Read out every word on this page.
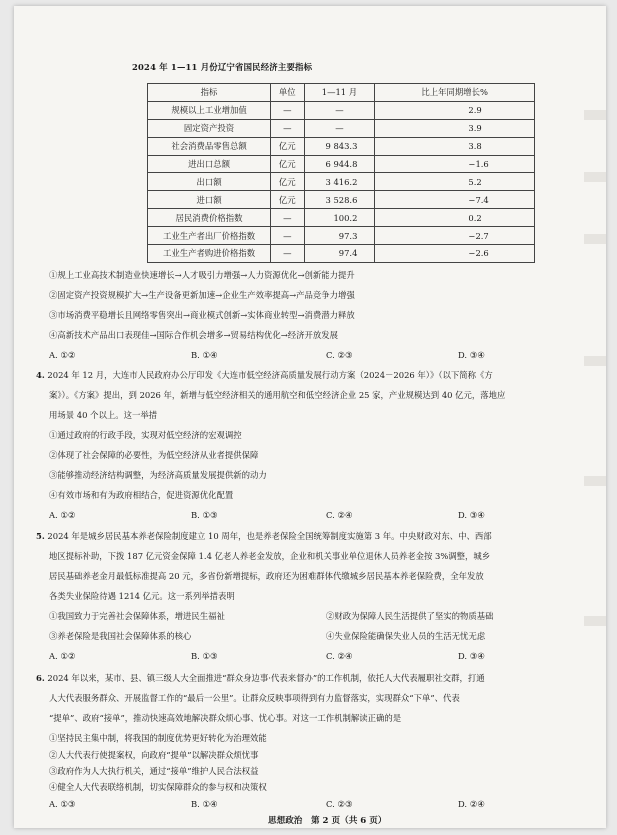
2024 年 1—11 月份辽宁省国民经济主要指标
指标	单位	1—11 月	比上年同期增长%
规模以上工业增加值	—	—	2.9
固定资产投资	—	—	3.9
社会消费品零售总额	亿元	9 843.3	3.8
进出口总额	亿元	6 944.8	−1.6
出口额	亿元	3 416.2	5.2
进口额	亿元	3 528.6	−7.4
居民消费价格指数	—	100.2	0.2
工业生产者出厂价格指数	—	97.3	−2.7
工业生产者购进价格指数	—	97.4	−2.6
①规上工业高技术制造业快速增长→人才吸引力增强→人力资源优化→创新能力提升
②固定资产投资规模扩大→生产设备更新加速→企业生产效率提高→产品竞争力增强
③市场消费平稳增长且网络零售突出→商业模式创新→实体商业转型→消费潜力释放
④高新技术产品出口表现佳→国际合作机会增多→贸易结构优化→经济开放发展
A. ①②	B. ①④	C. ②③	D. ③④
4. 2024 年 12 月，大连市人民政府办公厅印发《大连市低空经济高质量发展行动方案（2024－2026 年）》（以下简称《方
案》）。《方案》提出，到 2026 年，新增与低空经济相关的通用航空和低空经济企业 25 家，产业规模达到 40 亿元，落地应
用场景 40 个以上。这一举措
①通过政府的行政手段，实现对低空经济的宏观调控
②体现了社会保障的必要性，为低空经济从业者提供保障
③能够推动经济结构调整，为经济高质量发展提供新的动力
④有效市场和有为政府相结合，促进资源优化配置
A. ①②	B. ①③	C. ②④	D. ③④
5. 2024 年是城乡居民基本养老保险制度建立 10 周年，也是养老保险全国统筹制度实施第 3 年。中央财政对东、中、西部
地区提标补助，下拨 187 亿元资金保障 1.4 亿老人养老金发放，企业和机关事业单位退休人员养老金按 3%调整，城乡
居民基础养老金月最低标准提高 20 元，多省份新增提标，政府还为困难群体代缴城乡居民基本养老保险费，全年发放
各类失业保险待遇 1214 亿元。这一系列举措表明
①我国致力于完善社会保障体系，增进民生福祉	②财政为保障人民生活提供了坚实的物质基础
③养老保险是我国社会保障体系的核心	④失业保险能确保失业人员的生活无忧无虑
A. ①②	B. ①③	C. ②④	D. ③④
6. 2024 年以来，某市、县、镇三级人大全面推进“群众身边事·代表来督办”的工作机制，依托人大代表履职社交群，打通
人大代表服务群众、开展监督工作的“最后一公里”。让群众反映事项得到有力监督落实，实现群众“下单”、代表
“提单”、政府“接单”，推动快速高效地解决群众烦心事、忧心事。对这一工作机制解读正确的是
①坚持民主集中制，将我国的制度优势更好转化为治理效能
②人大代表行使提案权，向政府“提单”以解决群众烦忧事
③政府作为人大执行机关，通过“接单”维护人民合法权益
④健全人大代表联络机制，切实保障群众的参与权和决策权
A. ①③	B. ①④	C. ②③	D. ②④
思想政治　第 2 页（共 6 页）
